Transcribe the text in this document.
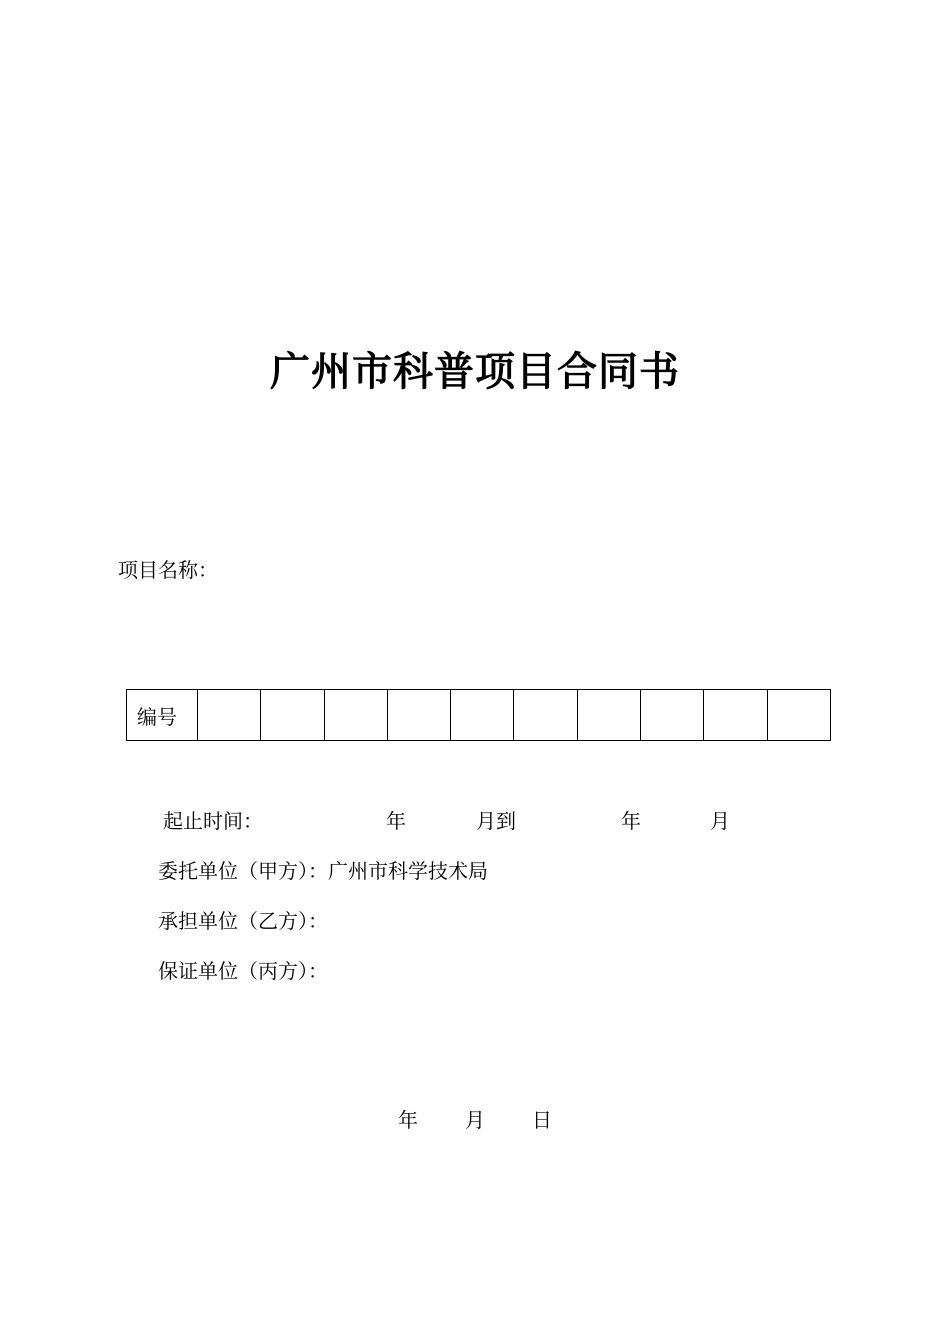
广州市科普项目合同书
项目名称：
编号										
起止时间：	年	月到	年	月
委托单位（甲方）：广州市科学技术局
承担单位（乙方）：
保证单位（丙方）：
年 月 日
